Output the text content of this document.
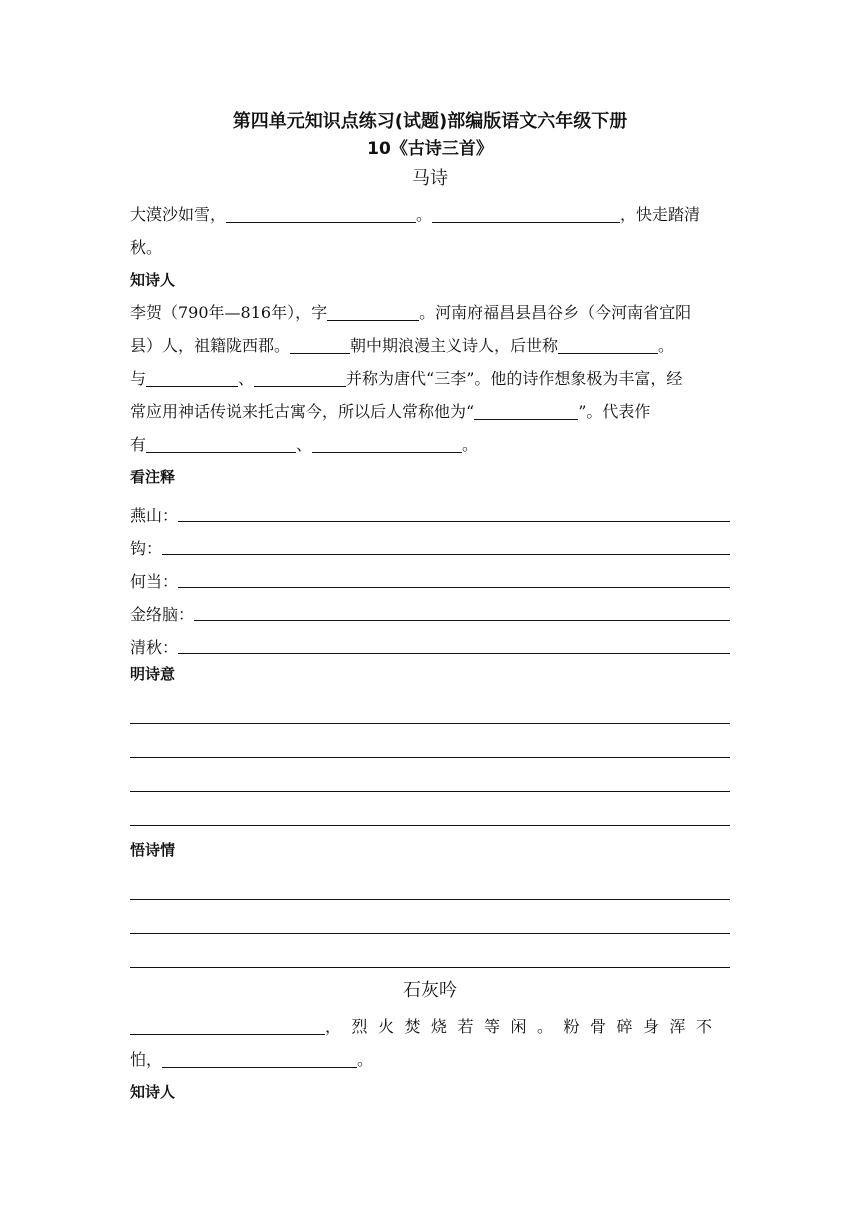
第四单元知识点练习(试题)部编版语文六年级下册

10《古诗三首》

马诗

大漠沙如雪，	。	，快走踏清
秋。

知诗人

李贺（790年—816年），字	。河南府福昌县昌谷乡（今河南省宜阳
县）人，祖籍陇西郡。	朝中期浪漫主义诗人，后世称	。
与	、	并称为唐代“三李”。他的诗作想象极为丰富，经
常应用神话传说来托古寓今，所以后人常称他为“	”。代表作
有	、	。

看注释

燕山：
钩：
何当：
金络脑：
清秋：

明诗意

悟诗情

石灰吟

，烈火焚烧若等闲。粉骨碎身浑不
怕，	。

知诗人
